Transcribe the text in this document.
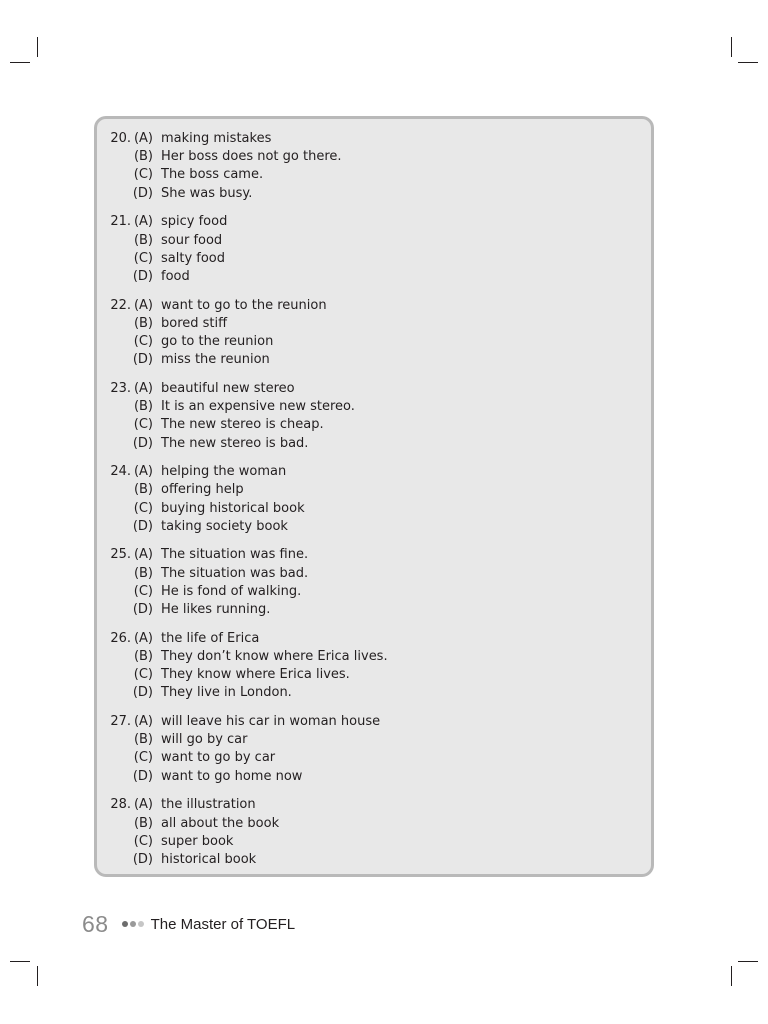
20. (A) making mistakes
(B) Her boss does not go there.
(C) The boss came.
(D) She was busy.
21. (A) spicy food
(B) sour food
(C) salty food
(D) food
22. (A) want to go to the reunion
(B) bored stiff
(C) go to the reunion
(D) miss the reunion
23. (A) beautiful new stereo
(B) It is an expensive new stereo.
(C) The new stereo is cheap.
(D) The new stereo is bad.
24. (A) helping the woman
(B) offering help
(C) buying historical book
(D) taking society book
25. (A) The situation was fine.
(B) The situation was bad.
(C) He is fond of walking.
(D) He likes running.
26. (A) the life of Erica
(B) They don’t know where Erica lives.
(C) They know where Erica lives.
(D) They live in London.
27. (A) will leave his car in woman house
(B) will go by car
(C) want to go by car
(D) want to go home now
28. (A) the illustration
(B) all about the book
(C) super book
(D) historical book
68	The Master of TOEFL
